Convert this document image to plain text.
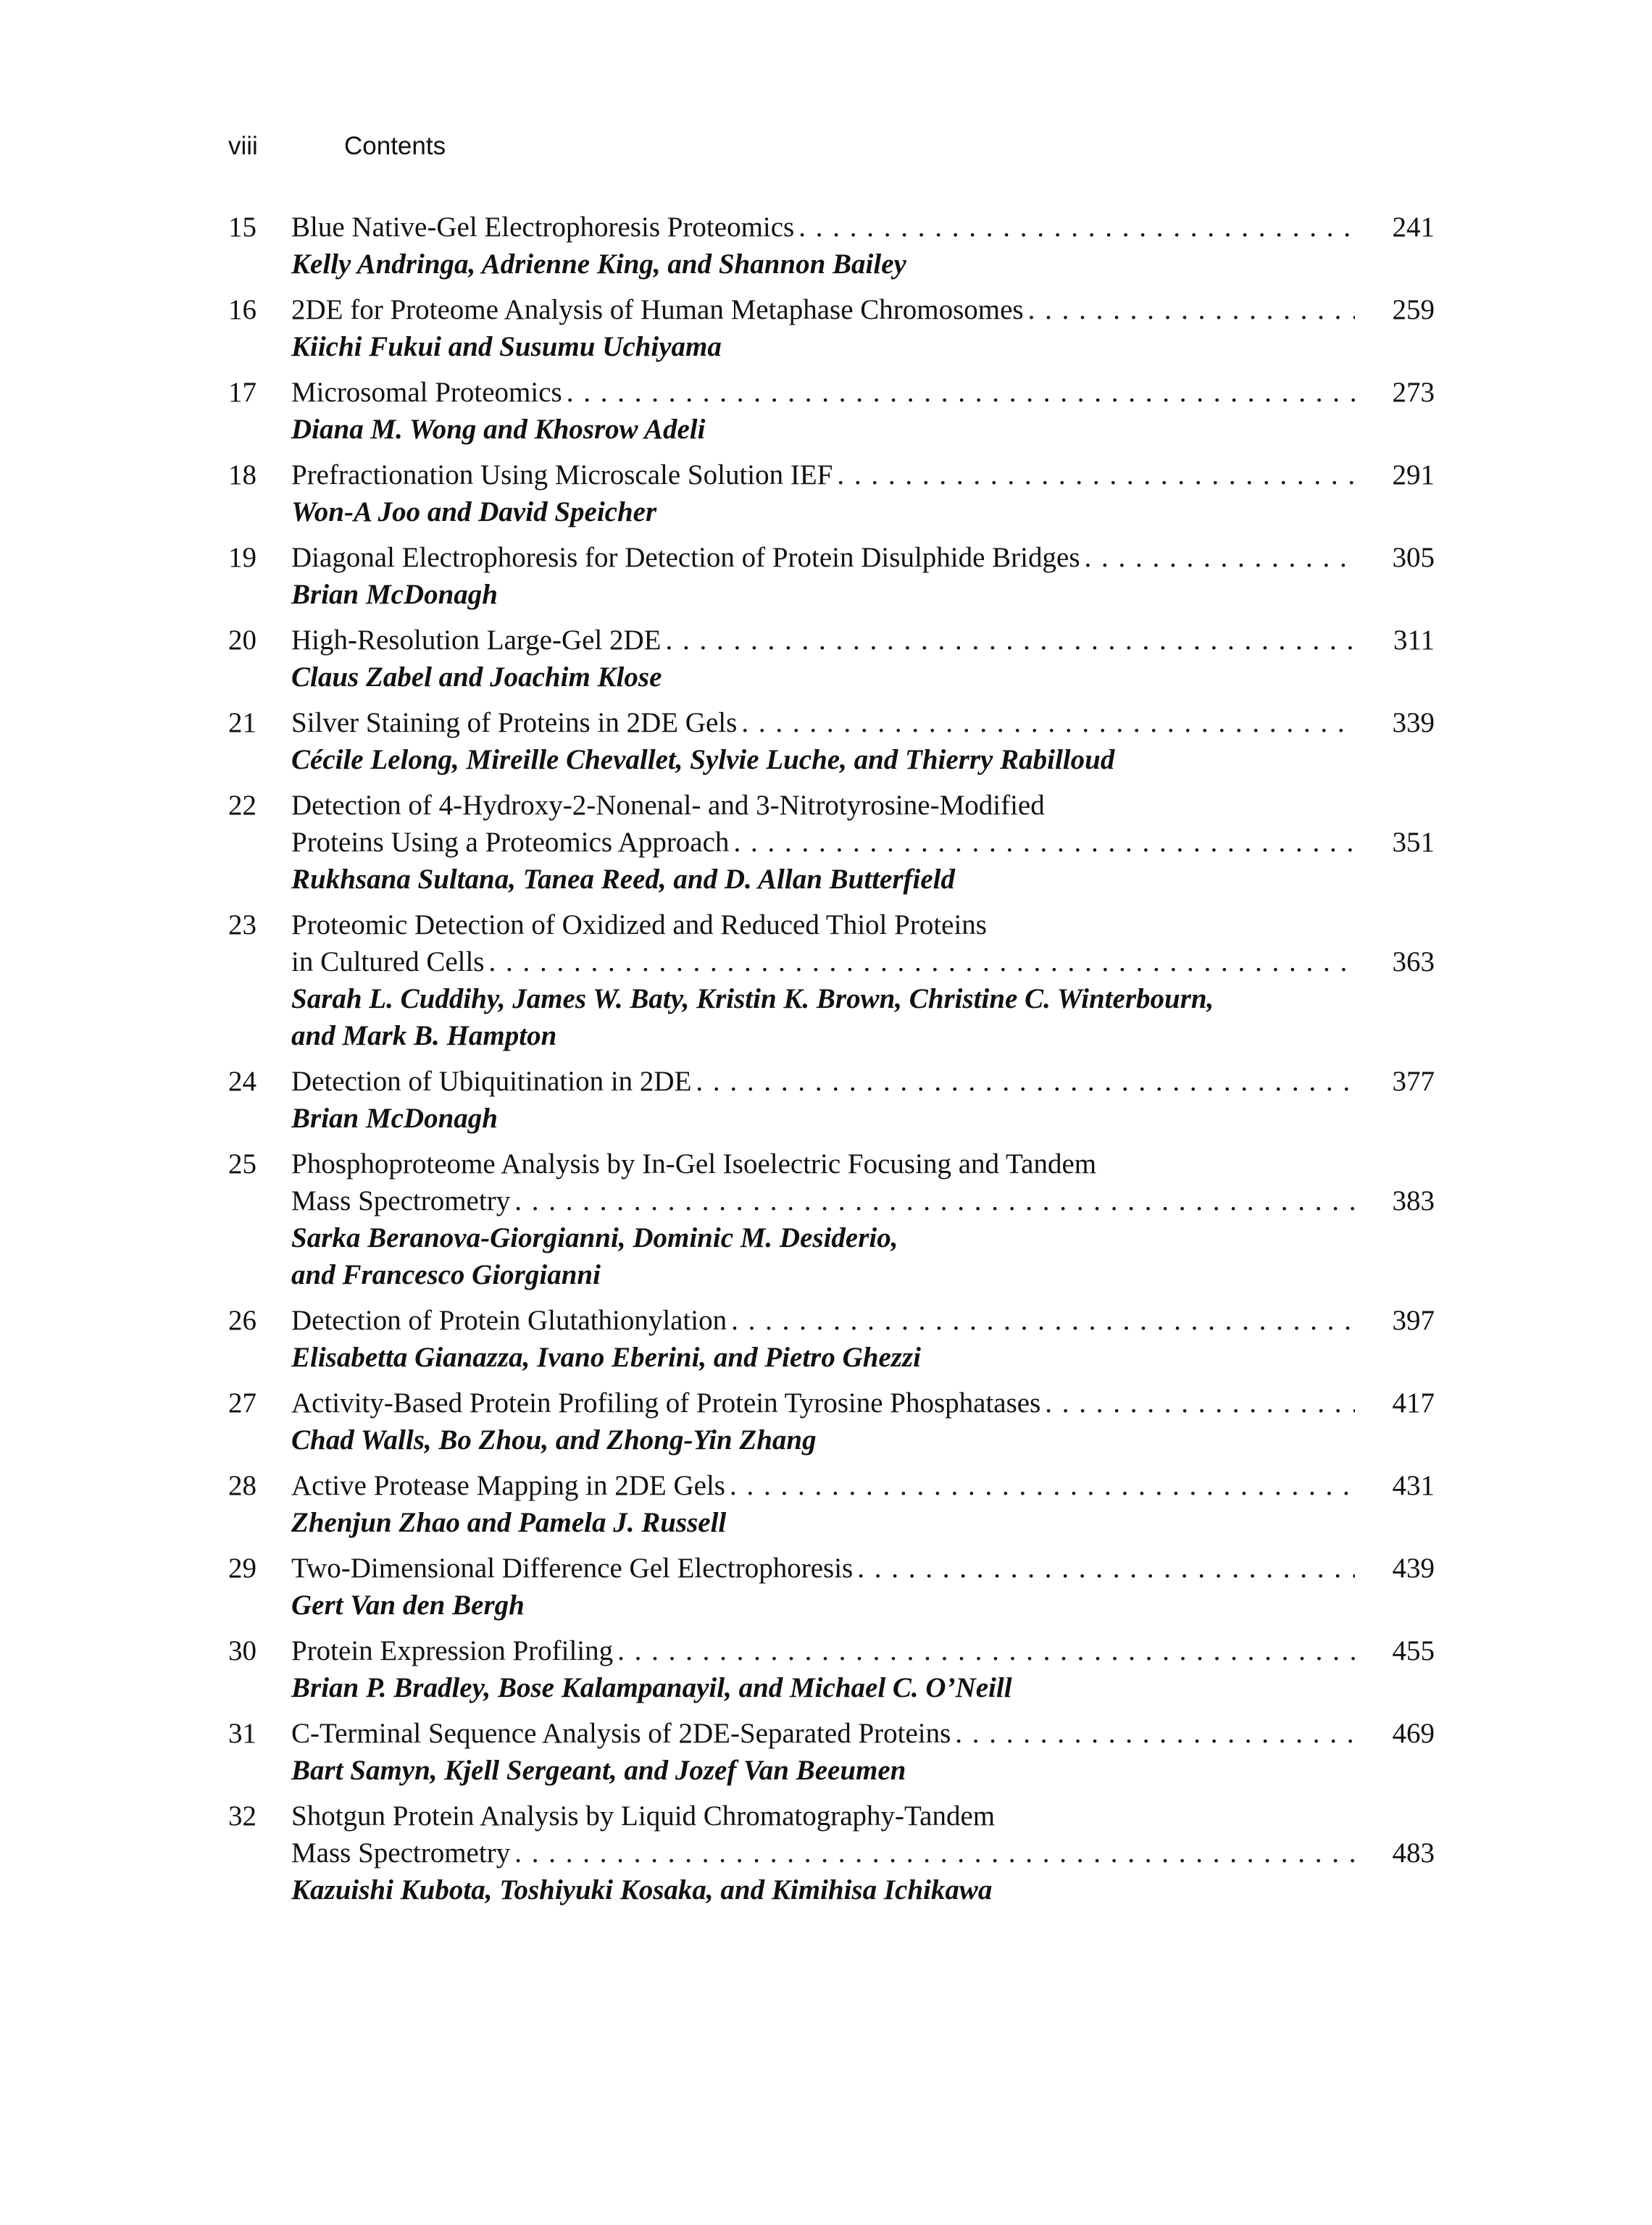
viii	Contents
15 Blue Native-Gel Electrophoresis Proteomics . . .	241
Kelly Andringa, Adrienne King, and Shannon Bailey
16 2DE for Proteome Analysis of Human Metaphase Chromosomes . . .	259
Kiichi Fukui and Susumu Uchiyama
17 Microsomal Proteomics . . .	273
Diana M. Wong and Khosrow Adeli
18 Prefractionation Using Microscale Solution IEF . . .	291
Won-A Joo and David Speicher
19 Diagonal Electrophoresis for Detection of Protein Disulphide Bridges . . .	305
Brian McDonagh
20 High-Resolution Large-Gel 2DE . . .	311
Claus Zabel and Joachim Klose
21 Silver Staining of Proteins in 2DE Gels . . .	339
Cécile Lelong, Mireille Chevallet, Sylvie Luche, and Thierry Rabilloud
22 Detection of 4-Hydroxy-2-Nonenal- and 3-Nitrotyrosine-Modified
Proteins Using a Proteomics Approach . . .	351
Rukhsana Sultana, Tanea Reed, and D. Allan Butterfield
23 Proteomic Detection of Oxidized and Reduced Thiol Proteins
in Cultured Cells . . .	363
Sarah L. Cuddihy, James W. Baty, Kristin K. Brown, Christine C. Winterbourn,
and Mark B. Hampton
24 Detection of Ubiquitination in 2DE . . .	377
Brian McDonagh
25 Phosphoproteome Analysis by In-Gel Isoelectric Focusing and Tandem
Mass Spectrometry . . .	383
Sarka Beranova-Giorgianni, Dominic M. Desiderio,
and Francesco Giorgianni
26 Detection of Protein Glutathionylation . . .	397
Elisabetta Gianazza, Ivano Eberini, and Pietro Ghezzi
27 Activity-Based Protein Profiling of Protein Tyrosine Phosphatases . . .	417
Chad Walls, Bo Zhou, and Zhong-Yin Zhang
28 Active Protease Mapping in 2DE Gels . . .	431
Zhenjun Zhao and Pamela J. Russell
29 Two-Dimensional Difference Gel Electrophoresis . . .	439
Gert Van den Bergh
30 Protein Expression Profiling . . .	455
Brian P. Bradley, Bose Kalampanayil, and Michael C. O’Neill
31 C-Terminal Sequence Analysis of 2DE-Separated Proteins . . .	469
Bart Samyn, Kjell Sergeant, and Jozef Van Beeumen
32 Shotgun Protein Analysis by Liquid Chromatography-Tandem
Mass Spectrometry . . .	483
Kazuishi Kubota, Toshiyuki Kosaka, and Kimihisa Ichikawa
